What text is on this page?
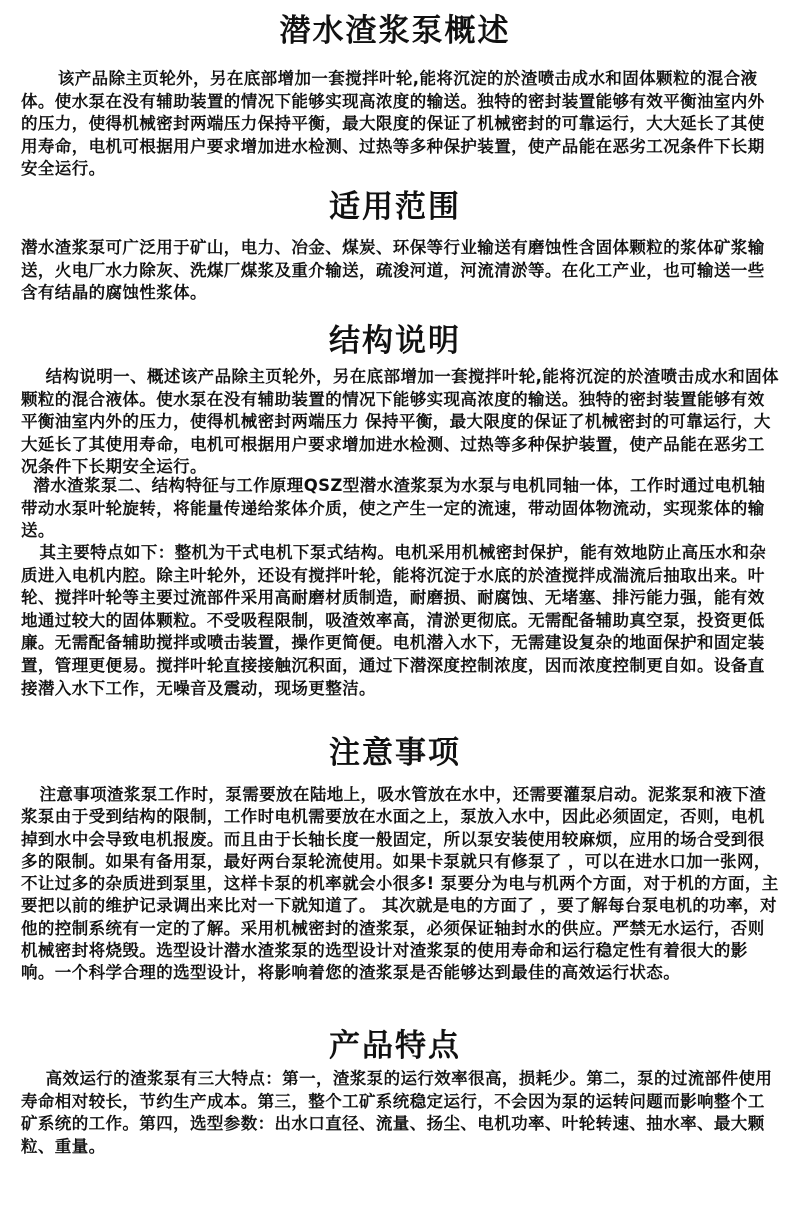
潜水渣浆泵概述

该产品除主页轮外，另在底部增加一套搅拌叶轮,能将沉淀的於渣喷击成水和固体颗粒的混合液体。使水泵在没有辅助装置的情况下能够实现高浓度的输送。独特的密封装置能够有效平衡油室内外的压力，使得机械密封两端压力保持平衡，最大限度的保证了机械密封的可靠运行，大大延长了其使用寿命，电机可根据用户要求增加进水检测、过热等多种保护装置，使产品能在恶劣工况条件下长期安全运行。

适用范围

潜水渣浆泵可广泛用于矿山，电力、冶金、煤炭、环保等行业输送有磨蚀性含固体颗粒的浆体矿浆输送，火电厂水力除灰、洗煤厂煤浆及重介输送，疏浚河道，河流清淤等。在化工产业，也可输送一些含有结晶的腐蚀性浆体。

结构说明

结构说明一、概述该产品除主页轮外，另在底部增加一套搅拌叶轮,能将沉淀的於渣喷击成水和固体颗粒的混合液体。使水泵在没有辅助装置的情况下能够实现高浓度的输送。独特的密封装置能够有效平衡油室内外的压力，使得机械密封两端压力 保持平衡，最大限度的保证了机械密封的可靠运行，大大延长了其使用寿命，电机可根据用户要求增加进水检测、过热等多种保护装置，使产品能在恶劣工况条件下长期安全运行。

潜水渣浆泵二、结构特征与工作原理QSZ型潜水渣浆泵为水泵与电机同轴一体，工作时通过电机轴带动水泵叶轮旋转，将能量传递给浆体介质，使之产生一定的流速，带动固体物流动，实现浆体的输送。

其主要特点如下：整机为干式电机下泵式结构。电机采用机械密封保护，能有效地防止高压水和杂质进入电机内腔。除主叶轮外，还设有搅拌叶轮，能将沉淀于水底的於渣搅拌成湍流后抽取出来。叶轮、搅拌叶轮等主要过流部件采用高耐磨材质制造，耐磨损、耐腐蚀、无堵塞、排污能力强，能有效地通过较大的固体颗粒。不受吸程限制，吸渣效率高，清淤更彻底。无需配备辅助真空泵，投资更低廉。无需配备辅助搅拌或喷击装置，操作更简便。电机潜入水下，无需建设复杂的地面保护和固定装置，管理更便易。搅拌叶轮直接接触沉积面，通过下潜深度控制浓度，因而浓度控制更自如。设备直接潜入水下工作，无噪音及震动，现场更整洁。

注意事项

注意事项渣浆泵工作时，泵需要放在陆地上，吸水管放在水中，还需要灌泵启动。泥浆泵和液下渣浆泵由于受到结构的限制，工作时电机需要放在水面之上，泵放入水中，因此必须固定，否则，电机掉到水中会导致电机报废。而且由于长轴长度一般固定，所以泵安装使用较麻烦，应用的场合受到很多的限制。如果有备用泵，最好两台泵轮流使用。如果卡泵就只有修泵了 ，可以在进水口加一张网，不让过多的杂质进到泵里，这样卡泵的机率就会小很多! 泵要分为电与机两个方面，对于机的方面，主要把以前的维护记录调出来比对一下就知道了。 其次就是电的方面了 ，要了解每台泵电机的功率，对他的控制系统有一定的了解。采用机械密封的渣浆泵，必须保证轴封水的供应。严禁无水运行，否则机械密封将烧毁。选型设计潜水渣浆泵的选型设计对渣浆泵的使用寿命和运行稳定性有着很大的影响。一个科学合理的选型设计，将影响着您的渣浆泵是否能够达到最佳的高效运行状态。

产品特点

高效运行的渣浆泵有三大特点：第一，渣浆泵的运行效率很高，损耗少。第二，泵的过流部件使用寿命相对较长，节约生产成本。第三，整个工矿系统稳定运行，不会因为泵的运转问题而影响整个工矿系统的工作。第四，选型参数：出水口直径、流量、扬尘、电机功率、叶轮转速、抽水率、最大颗粒、重量。
